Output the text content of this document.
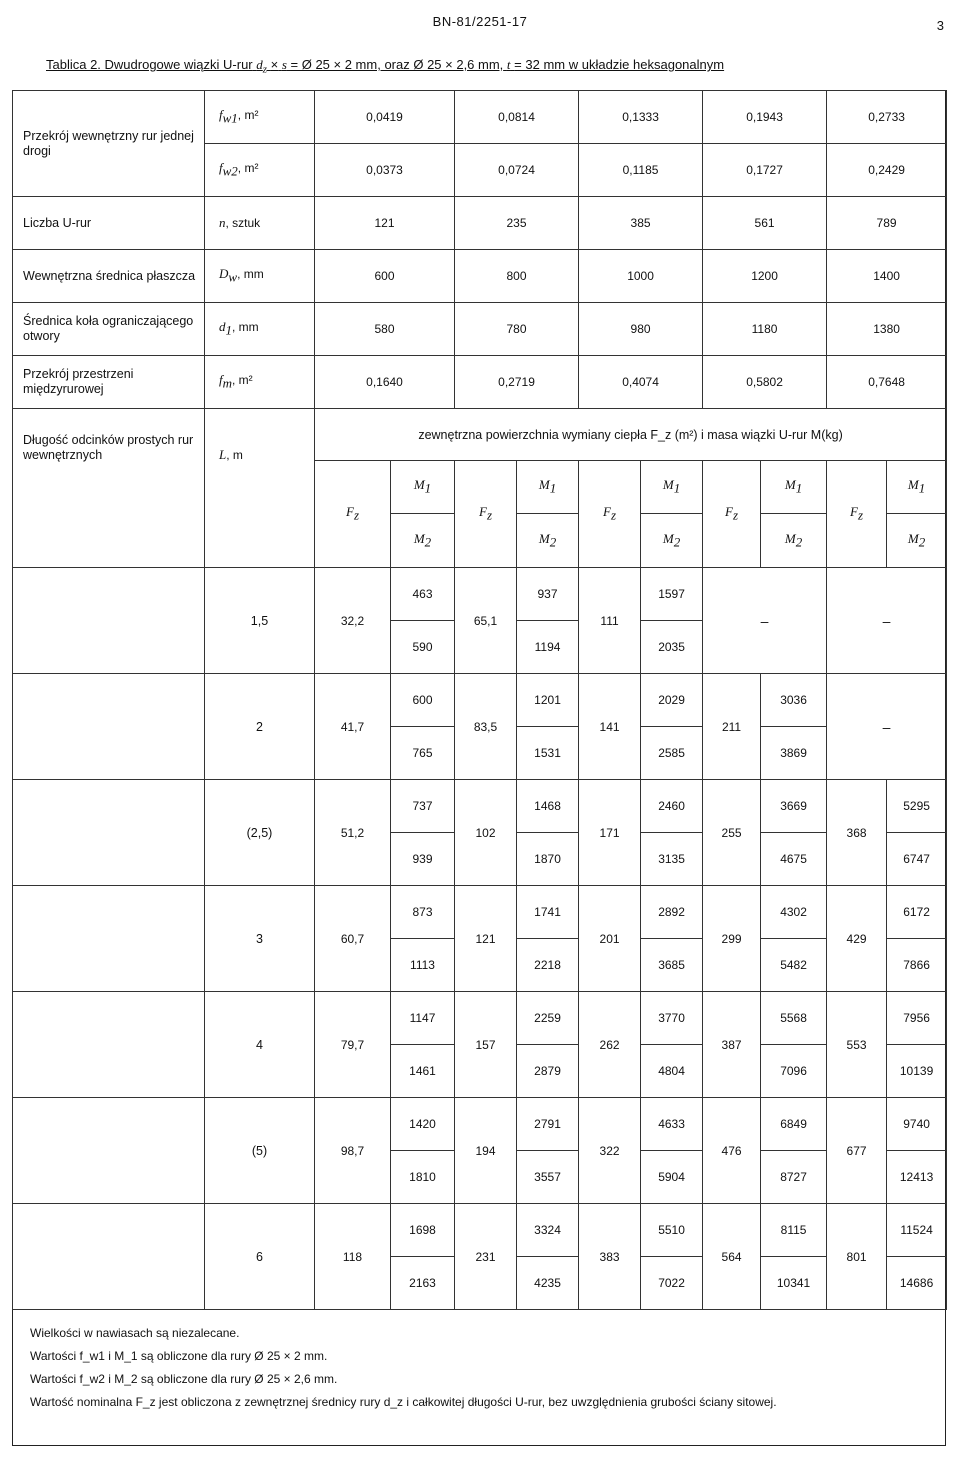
BN-81/2251-17	3
Tablica 2. Dwudrogowe wiązki U-rur $d_z \times s$ = Ø 25 × 2 mm, oraz Ø 25 × 2,6 mm, t = 32 mm w układzie heksagonalnym
Przekrój wewnętrzny rur jednej drogi	$f_{w1}$, m²	0,0419		0,0814		0,1333		0,1943		0,2733	
	$f_{w2}$, m²	0,0373		0,0724		0,1185		0,1727		0,2429	
Liczba U-rur	n, sztuk	121		235		385		561		789	
Wewnętrzna średnica płaszcza	$D_w$, mm	600		800		1000		1200		1400	
Średnica koła ograniczającego otwory	$d_1$, mm	580		780		980		1180		1380	
Przekrój przestrzeni międzyrurowej	$f_m$, m²	0,1640		0,2719		0,4074		0,5802		0,7648	
Długość odcinków prostych rur wewnętrznych	L, m	zewnętrzna powierzchnia wymiany ciepła F_z (m²) i masa wiązki U-rur M(kg)									
		$F_z$	$M_1$	$F_z$	$M_1$	$F_z$	$M_1$	$F_z$	$M_1$	$F_z$	$M_1$
			$M_2$		$M_2$		$M_2$		$M_2$		$M_2$
	1,5	32,2	463	65,1	937	111	1597	–		–	
			590		1194		2035				
	2	41,7	600	83,5	1201	141	2029	211	3036	–	
			765		1531		2585		3869		
	(2,5)	51,2	737	102	1468	171	2460	255	3669	368	5295
			939		1870		3135		4675		6747
	3	60,7	873	121	1741	201	2892	299	4302	429	6172
			1113		2218		3685		5482		7866
	4	79,7	1147	157	2259	262	3770	387	5568	553	7956
			1461		2879		4804		7096		10139
	(5)	98,7	1420	194	2791	322	4633	476	6849	677	9740
			1810		3557		5904		8727		12413
	6	118	1698	231	3324	383	5510	564	8115	801	11524
			2163		4235		7022		10341		14686

Wielkości w nawiasach są niezalecane.

Wartości f_w1 i M_1 są obliczone dla rury Ø 25 × 2 mm.

Wartości f_w2 i M_2 są obliczone dla rury Ø 25 × 2,6 mm.

Wartość nominalna F_z jest obliczona z zewnętrznej średnicy rury d_z i całkowitej długości U-rur, bez uwzględnienia grubości ściany sitowej.
